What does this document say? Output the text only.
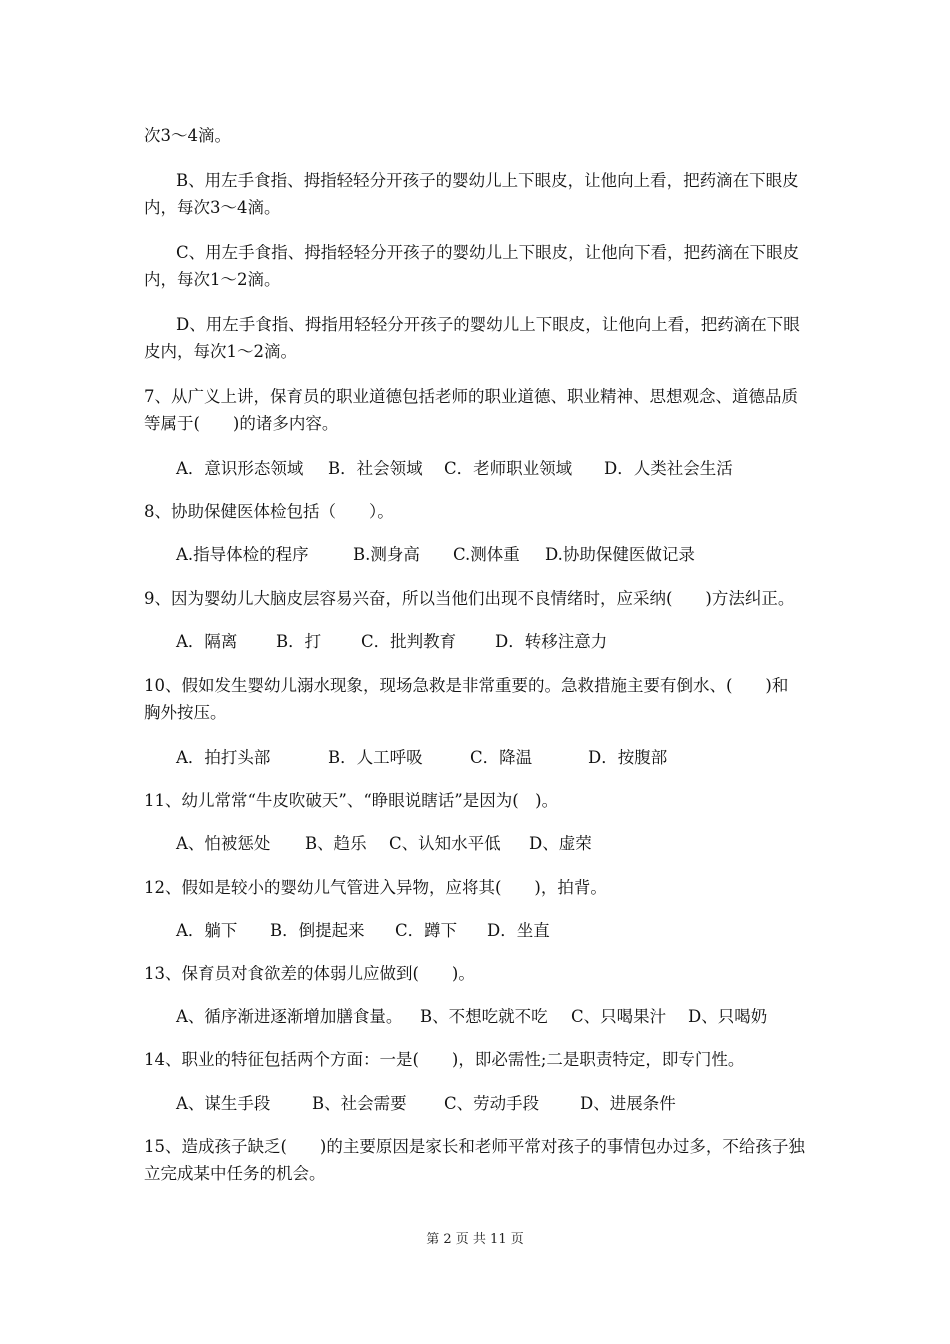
次3～4滴。
B、用左手食指、拇指轻轻分开孩子的婴幼儿上下眼皮，让他向上看，把药滴在下眼皮
内，每次3～4滴。
C、用左手食指、拇指轻轻分开孩子的婴幼儿上下眼皮，让他向下看，把药滴在下眼皮
内，每次1～2滴。
D、用左手食指、拇指用轻轻分开孩子的婴幼儿上下眼皮，让他向上看，把药滴在下眼
皮内，每次1～2滴。
7、从广义上讲，保育员的职业道德包括老师的职业道德、职业精神、思想观念、道德品质
等属于(　　)的诸多内容。
A．意识形态领域 B．社会领域 C．老师职业领域 D．人类社会生活
8、协助保健医体检包括（　　）。
A.指导体检的程序	B.测身高 C.测体重 D.协助保健医做记录
9、因为婴幼儿大脑皮层容易兴奋，所以当他们出现不良情绪时，应采纳(　　)方法纠正。
A．隔离 B．打 C．批判教育 D．转移注意力
10、假如发生婴幼儿溺水现象，现场急救是非常重要的。急救措施主要有倒水、(　　)和
胸外按压。
A．拍打头部	B．人工呼吸	C．降温	D．按腹部
11、幼儿常常“牛皮吹破天”、“睁眼说瞎话”是因为(　)。
A、怕被惩处 B、趋乐 C、认知水平低 D、虚荣
12、假如是较小的婴幼儿气管进入异物，应将其(　　)，拍背。
A．躺下 B．倒提起来 C．蹲下 D．坐直
13、保育员对食欲差的体弱儿应做到(　　)。
A、循序渐进逐渐增加膳食量。 B、不想吃就不吃 C、只喝果汁 D、只喝奶
14、职业的特征包括两个方面：一是(　　)，即必需性;二是职责特定，即专门性。
A、谋生手段	B、社会需要 C、劳动手段 D、进展条件
15、造成孩子缺乏(　　)的主要原因是家长和老师平常对孩子的事情包办过多，不给孩子独
立完成某中任务的机会。
第 2 页 共 11 页
